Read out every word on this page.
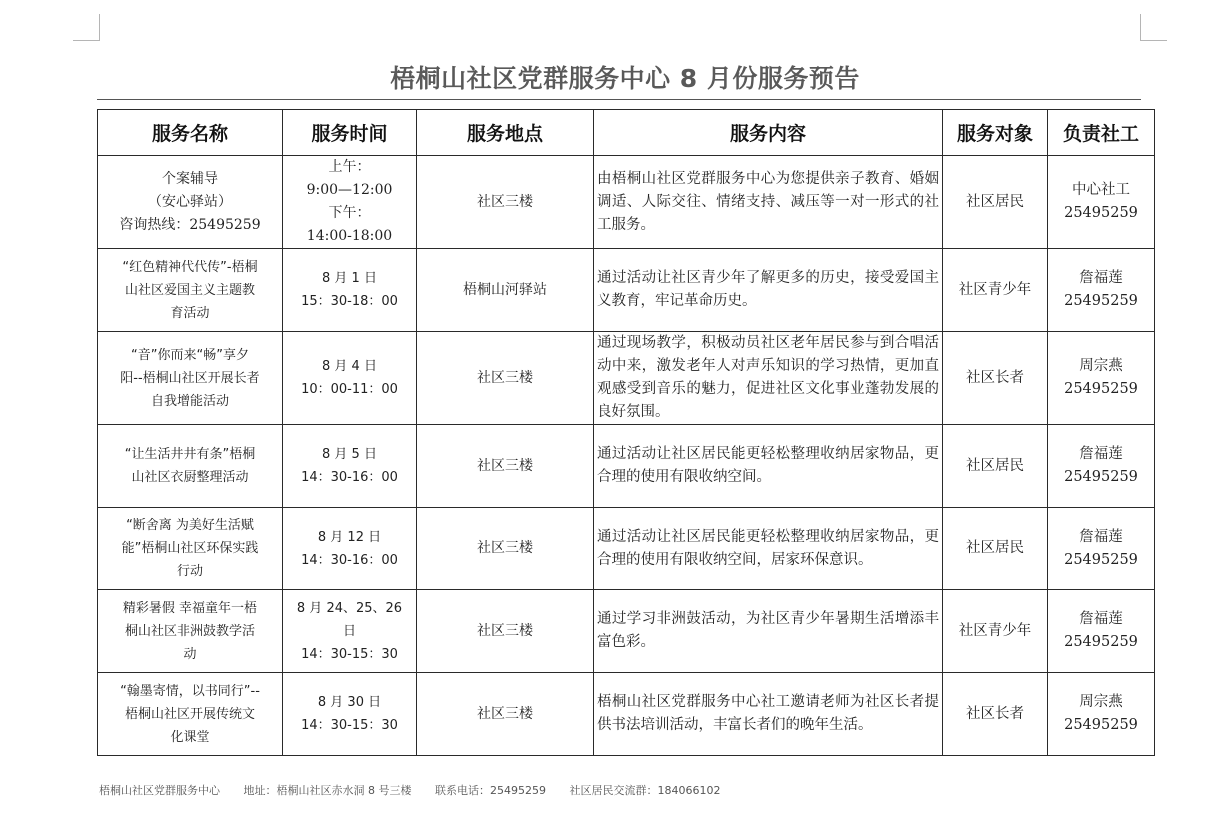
梧桐山社区党群服务中心 8 月份服务预告
服务名称	服务时间	服务地点	服务内容	服务对象	负责社工

个案辅导
（安心驿站）
咨询热线：25495259	上午：
9:00—12:00
下午：
14:00-18:00	社区三楼	由梧桐山社区党群服务中心为您提供亲子教育、婚姻调适、人际交往、情绪支持、减压等一对一形式的社工服务。	社区居民	中心社工
25495259

“红色精神代代传”-梧桐
山社区爱国主义主题教
育活动	8 月 1 日
15：30-18：00	梧桐山河驿站	通过活动让社区青少年了解更多的历史，接受爱国主义教育，牢记革命历史。	社区青少年	詹福莲
25495259

“音”你而来“畅”享夕
阳--梧桐山社区开展长者
自我增能活动	8 月 4 日
10：00-11：00	社区三楼	通过现场教学，积极动员社区老年居民参与到合唱活动中来，激发老年人对声乐知识的学习热情，更加直观感受到音乐的魅力，促进社区文化事业蓬勃发展的良好氛围。	社区长者	周宗燕
25495259

“让生活井井有条”梧桐
山社区衣厨整理活动	8 月 5 日
14：30-16：00	社区三楼	通过活动让社区居民能更轻松整理收纳居家物品，更合理的使用有限收纳空间。	社区居民	詹福莲
25495259

“断舍离 为美好生活赋
能”梧桐山社区环保实践
行动	8 月 12 日
14：30-16：00	社区三楼	通过活动让社区居民能更轻松整理收纳居家物品，更合理的使用有限收纳空间，居家环保意识。	社区居民	詹福莲
25495259

精彩暑假 幸福童年一梧
桐山社区非洲鼓教学活
动	8 月 24、25、26
日
14：30-15：30	社区三楼	通过学习非洲鼓活动，为社区青少年暑期生活增添丰富色彩。	社区青少年	詹福莲
25495259

“翰墨寄情，以书同行”--
梧桐山社区开展传统文
化课堂	8 月 30 日
14：30-15：30	社区三楼	梧桐山社区党群服务中心社工邀请老师为社区长者提供书法培训活动，丰富长者们的晚年生活。	社区长者	周宗燕
25495259
梧桐山社区党群服务中心 地址：梧桐山社区赤水洞 8 号三楼 联系电话：25495259 社区居民交流群：184066102
